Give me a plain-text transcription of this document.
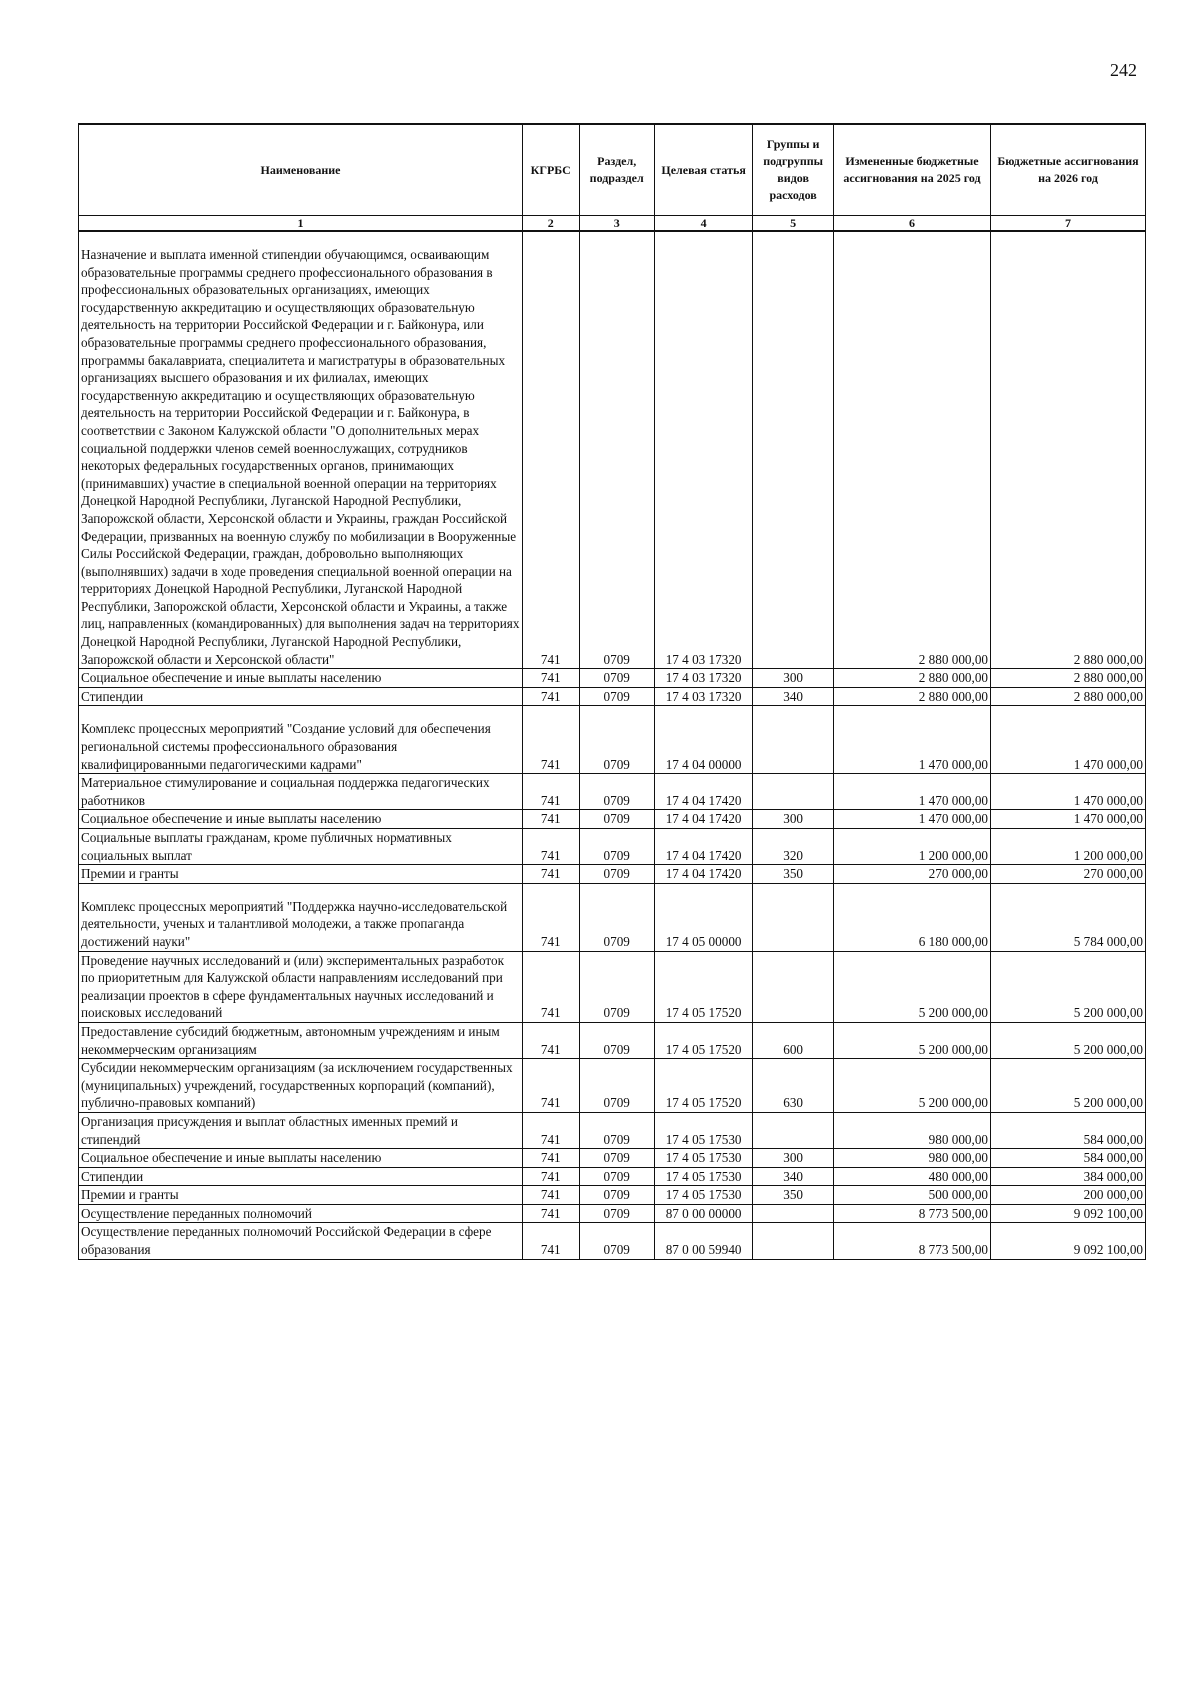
242
Наименование	КГРБС	Раздел, подраздел	Целевая статья	Группы и подгруппы видов расходов	Измененные бюджетные ассигнования на 2025 год	Бюджетные ассигнования на 2026 год
1	2	3	4	5	6	7

Назначение и выплата именной стипендии обучающимся, осваивающим образовательные программы среднего профессионального образования в профессиональных образовательных организациях, имеющих государственную аккредитацию и осуществляющих образовательную деятельность на территории Российской Федерации и г. Байконура, или образовательные программы среднего профессионального образования, программы бакалавриата, специалитета и магистратуры в образовательных организациях высшего образования и их филиалах, имеющих государственную аккредитацию и осуществляющих образовательную деятельность на территории Российской Федерации и г. Байконура, в соответствии с Законом Калужской области "О дополнительных мерах социальной поддержки членов семей военнослужащих, сотрудников некоторых федеральных государственных органов, принимающих (принимавших) участие в специальной военной операции на территориях Донецкой Народной Республики, Луганской Народной Республики, Запорожской области, Херсонской области и Украины, граждан Российской Федерации, призванных на военную службу по мобилизации в Вооруженные Силы Российской Федерации, граждан, добровольно выполняющих (выполнявших) задачи в ходе проведения специальной военной операции на территориях Донецкой Народной Республики, Луганской Народной Республики, Запорожской области, Херсонской области и Украины, а также лиц, направленных (командированных) для выполнения задач на территориях Донецкой Народной Республики, Луганской Народной Республики, Запорожской области и Херсонской области"	741	0709	17 4 03 17320		2 880 000,00	2 880 000,00
Социальное обеспечение и иные выплаты населению	741	0709	17 4 03 17320	300	2 880 000,00	2 880 000,00
Стипендии	741	0709	17 4 03 17320	340	2 880 000,00	2 880 000,00

Комплекс процессных мероприятий "Создание условий для обеспечения региональной системы профессионального образования квалифицированными педагогическими кадрами"	741	0709	17 4 04 00000		1 470 000,00	1 470 000,00
Материальное стимулирование и социальная поддержка педагогических работников	741	0709	17 4 04 17420		1 470 000,00	1 470 000,00
Социальное обеспечение и иные выплаты населению	741	0709	17 4 04 17420	300	1 470 000,00	1 470 000,00
Социальные выплаты гражданам, кроме публичных нормативных социальных выплат	741	0709	17 4 04 17420	320	1 200 000,00	1 200 000,00
Премии и гранты	741	0709	17 4 04 17420	350	270 000,00	270 000,00

Комплекс процессных мероприятий "Поддержка научно-исследовательской деятельности, ученых и талантливой молодежи, а также пропаганда достижений науки"	741	0709	17 4 05 00000		6 180 000,00	5 784 000,00
Проведение научных исследований и (или) экспериментальных разработок по приоритетным для Калужской области направлениям исследований при реализации проектов в сфере фундаментальных научных исследований и поисковых исследований	741	0709	17 4 05 17520		5 200 000,00	5 200 000,00
Предоставление субсидий бюджетным, автономным учреждениям и иным некоммерческим организациям	741	0709	17 4 05 17520	600	5 200 000,00	5 200 000,00
Субсидии некоммерческим организациям (за исключением государственных (муниципальных) учреждений, государственных корпораций (компаний), публично-правовых компаний)	741	0709	17 4 05 17520	630	5 200 000,00	5 200 000,00
Организация присуждения и выплат областных именных премий и стипендий	741	0709	17 4 05 17530		980 000,00	584 000,00
Социальное обеспечение и иные выплаты населению	741	0709	17 4 05 17530	300	980 000,00	584 000,00
Стипендии	741	0709	17 4 05 17530	340	480 000,00	384 000,00
Премии и гранты	741	0709	17 4 05 17530	350	500 000,00	200 000,00
Осуществление переданных полномочий	741	0709	87 0 00 00000		8 773 500,00	9 092 100,00
Осуществление переданных полномочий Российской Федерации в сфере образования	741	0709	87 0 00 59940		8 773 500,00	9 092 100,00
